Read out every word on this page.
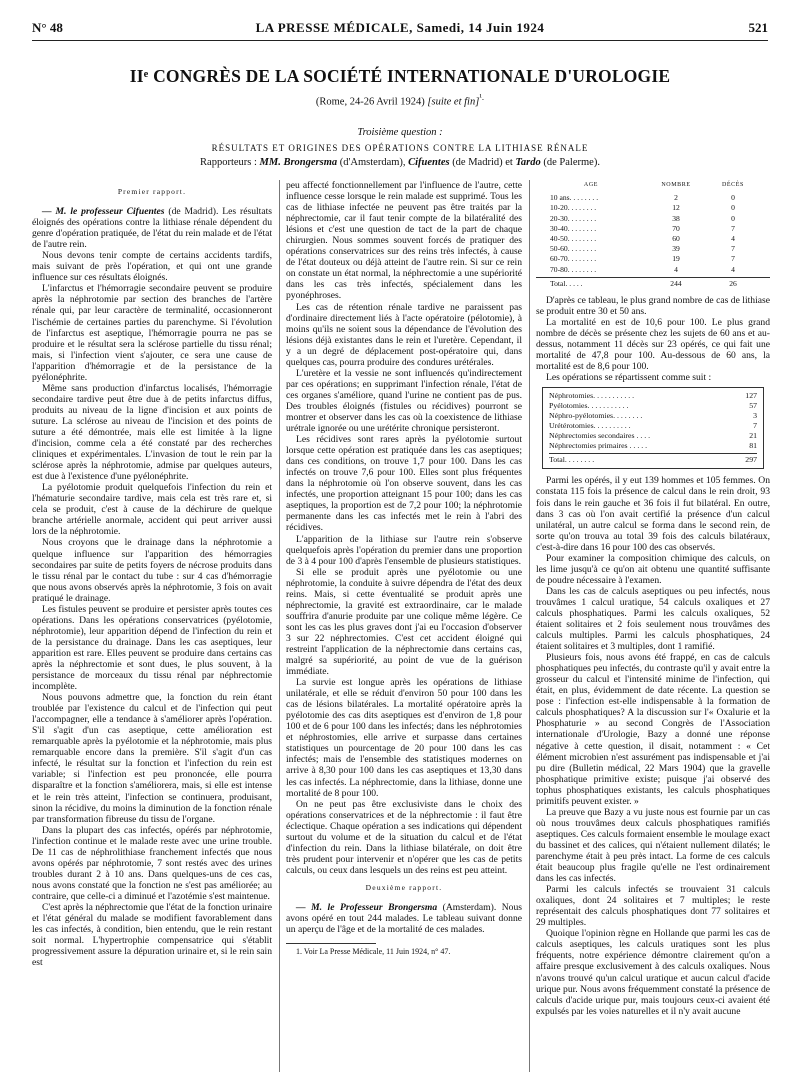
N° 48	LA PRESSE MÉDICALE, Samedi, 14 Juin 1924	521
IIᵉ CONGRÈS DE LA SOCIÉTÉ INTERNATIONALE D'UROLOGIE
(Rome, 24-26 Avril 1924) [suite et fin]$^{^1.}$
Troisième question :
RÉSULTATS ET ORIGINES DES OPÉRATIONS CONTRE LA LITHIASE RÉNALE
Rapporteurs : MM. Brongersma (d'Amsterdam), Cifuentes (de Madrid) et Tardo (de Palerme).
Premier rapport.

— M. le professeur Cifuentes (de Madrid). Les résultats éloignés des opérations contre la lithiase rénale dépendent du genre d'opération pratiquée, de l'état du rein malade et de l'état de l'autre rein.

Nous devons tenir compte de certains accidents tardifs, mais suivant de près l'opération, et qui ont une grande influence sur ces résultats éloignés.

L'infarctus et l'hémorragie secondaire peuvent se produire après la néphrotomie par section des branches de l'artère rénale qui, par leur caractère de terminalité, occasionneront l'ischémie de certaines parties du parenchyme. Si l'évolution de l'infarctus est aseptique, l'hémorragie pourra ne pas se produire et le résultat sera la sclérose partielle du tissu rénal; mais, si l'infection vient s'ajouter, ce sera une cause de l'apparition d'hémorragie et de la persistance de la pyélonéphrite.

Même sans production d'infarctus localisés, l'hémorragie secondaire tardive peut être due à de petits infarctus diffus, produits au niveau de la ligne d'incision et aux points de suture. La sclérose au niveau de l'incision et des points de suture a été démontrée, mais elle est limitée à la ligne d'incision, comme cela a été constaté par des recherches cliniques et expérimentales. L'invasion de tout le rein par la sclérose après la néphrotomie, admise par quelques auteurs, est due à l'existence d'une pyélonéphrite.

La pyélotomie produit quelquefois l'infection du rein et l'hématurie secondaire tardive, mais cela est très rare et, si cela se produit, c'est à cause de la déchirure de quelque branche artérielle anormale, accident qui peut arriver aussi lors de la néphrotomie.

Nous croyons que le drainage dans la néphrotomie a quelque influence sur l'apparition des hémorragies secondaires par suite de petits foyers de nécrose produits dans le tissu rénal par le contact du tube : sur 4 cas d'hémorragie que nous avons observés après la néphrotomie, 3 fois on avait pratiqué le drainage.

Les fistules peuvent se produire et persister après toutes ces opérations. Dans les opérations conservatrices (pyélotomie, néphrotomie), leur apparition dépend de l'infection du rein et de la persistance du drainage. Dans les cas aseptiques, leur apparition est rare. Elles peuvent se produire dans certains cas après la néphrectomie et sont dues, le plus souvent, à la persistance de morceaux du tissu rénal par néphrectomie incomplète.

Nous pouvons admettre que, la fonction du rein étant troublée par l'existence du calcul et de l'infection qui peut l'accompagner, elle a tendance à s'améliorer après l'opération. S'il s'agit d'un cas aseptique, cette amélioration est remarquable après la pyélotomie et la néphrotomie, mais plus remarquable encore dans la première. S'il s'agit d'un cas infecté, le résultat sur la fonction et l'infection du rein est variable; si l'infection est peu prononcée, elle pourra disparaître et la fonction s'améliorera, mais, si elle est intense et le rein très atteint, l'infection se continuera, produisant, sinon la récidive, du moins la diminution de la fonction rénale par transformation fibreuse du tissu de l'organe.

Dans la plupart des cas infectés, opérés par néphrotomie, l'infection continue et le malade reste avec une urine trouble. De 11 cas de néphrolithiase franchement infectés que nous avons opérés par néphrotomie, 7 sont restés avec des urines troubles durant 2 à 10 ans. Dans quelques-uns de ces cas, nous avons constaté que la fonction ne s'est pas améliorée; au contraire, que celle-ci a diminué et l'azotémie s'est maintenue.

C'est après la néphrectomie que l'état de la fonction urinaire et l'état général du malade se modifient favorablement dans les cas infectés, à condition, bien entendu, que le rein restant soit normal. L'hypertrophie compensatrice qui s'établit progressivement assure la dépuration urinaire et, si le rein sain est

peu affecté fonctionnellement par l'influence de l'autre, cette influence cesse lorsque le rein malade est supprimé. Tous les cas de lithiase infectée ne peuvent pas être traités par la néphrectomie, car il faut tenir compte de la bilatéralité des lésions et c'est une question de tact de la part de chaque chirurgien. Nous sommes souvent forcés de pratiquer des opérations conservatrices sur des reins très infectés, à cause de l'état douteux ou déjà atteint de l'autre rein. Si sur ce rein on constate un état normal, la néphrectomie a une supériorité dans les cas très infectés, spécialement dans les pyonéphroses.

Les cas de rétention rénale tardive ne paraissent pas d'ordinaire directement liés à l'acte opératoire (pélotomie), à moins qu'ils ne soient sous la dépendance de l'évolution des lésions déjà existantes dans le rein et l'uretère. Cependant, il y a un degré de déplacement post-opératoire qui, dans quelques cas, pourra produire des condures urétérales.

L'uretère et la vessie ne sont influencés qu'indirectement par ces opérations; en supprimant l'infection rénale, l'état de ces organes s'améliore, quand l'urine ne contient pas de pus. Des troubles éloignés (fistules ou récidives) pourront se montrer et observer dans les cas où la coexistence de lithiase urétrale ignorée ou une urétérite chronique persisteront.

Les récidives sont rares après la pyélotomie surtout lorsque cette opération est pratiquée dans les cas aseptiques; dans ces conditions, on trouve 1,7 pour 100. Dans les cas infectés on trouve 7,6 pour 100. Elles sont plus fréquentes dans la néphrotomie où l'on observe souvent, dans les cas infectés, une proportion atteignant 15 pour 100; dans les cas aseptiques, la proportion est de 7,2 pour 100; la néphrotomie permanente dans les cas infectés met le rein à l'abri des récidives.

L'apparition de la lithiase sur l'autre rein s'observe quelquefois après l'opération du premier dans une proportion de 3 à 4 pour 100 d'après l'ensemble de plusieurs statistiques.

Si elle se produit après une pyélotomie ou une néphrotomie, la conduite à suivre dépendra de l'état des deux reins. Mais, si cette éventualité se produit après une néphrectomie, la gravité est extraordinaire, car le malade souffrira d'anurie produite par une colique même légère. Ce sont les cas les plus graves dont j'ai eu l'occasion d'observer 3 sur 22 néphrectomies. C'est cet accident éloigné qui restreint l'application de la néphrectomie dans certains cas, malgré sa supériorité, au point de vue de la guérison immédiate.

La survie est longue après les opérations de lithiase unilatérale, et elle se réduit d'environ 50 pour 100 dans les cas de lésions bilatérales. La mortalité opératoire après la pyélotomie des cas dits aseptiques est d'environ de 1,8 pour 100 et de 6 pour 100 dans les infectés; dans les néphrotomies et néphrostomies, elle arrive et surpasse dans certaines statistiques un pourcentage de 20 pour 100 dans les cas infectés; mais de l'ensemble des statistiques modernes on arrive à 8,30 pour 100 dans les cas aseptiques et 13,30 dans les cas infectés. La néphrectomie, dans la lithiase, donne une mortalité de 8 pour 100.

On ne peut pas être exclusiviste dans le choix des opérations conservatrices et de la néphrectomie : il faut être éclectique. Chaque opération a ses indications qui dépendent surtout du volume et de la situation du calcul et de l'état d'infection du rein. Dans la lithiase bilatérale, on doit être très prudent pour intervenir et n'opérer que les cas de petits calculs, ou ceux dans lesquels un des reins est peu atteint.

Deuxième rapport.

— M. le Professeur Brongersma (Amsterdam). Nous avons opéré en tout 244 malades. Le tableau suivant donne un aperçu de l'âge et de la mortalité de ces malades.

1. Voir La Presse Médicale, 11 Juin 1924, n° 47.
AGE	NOMBRE	DÉCÈS
10 ans. . . . . . . .	2	0
10-20. . . . . . . .	12	0
20-30. . . . . . . .	38	0
30-40. . . . . . . .	70	7
40-50. . . . . . . .	60	4
50-60. . . . . . . .	39	7
60-70. . . . . . . .	19	7
70-80. . . . . . . .	4	4
Total. . . . .	244	26

D'après ce tableau, le plus grand nombre de cas de lithiase se produit entre 30 et 50 ans.

La mortalité en est de 10,6 pour 100. Le plus grand nombre de décès se présente chez les sujets de 60 ans et au-dessus, notamment 11 décès sur 23 opérés, ce qui fait une mortalité de 47,8 pour 100. Au-dessous de 60 ans, la mortalité est de 8,6 pour 100.

Les opérations se répartissent comme suit :

Néphrotomies. . . . . . . . . . .	127
Pyélotomies. . . . . . . . . . .	57
Néphro-pyélotomies. . . . . . . .	3
Urétérotomies. . . . . . . . . .	7
Néphrectomies secondaires . . . .	21
Néphrectomies primaires . . . . .	81
Total. . . . . . . .	297

Parmi les opérés, il y eut 139 hommes et 105 femmes. On constata 115 fois la présence de calcul dans le rein droit, 93 fois dans le rein gauche et 36 fois il fut bilatéral. En outre, dans 3 cas où l'on avait certifié la présence d'un calcul unilatéral, un autre calcul se forma dans le second rein, de sorte qu'on trouva au total 39 fois des calculs bilatéraux, c'est-à-dire dans 16 pour 100 des cas observés.

Pour examiner la composition chimique des calculs, on les lime jusqu'à ce qu'on ait obtenu une quantité suffisante de poudre nécessaire à l'examen.

Dans les cas de calculs aseptiques ou peu infectés, nous trouvâmes 1 calcul uratique, 54 calculs oxaliques et 27 calculs phosphatiques. Parmi les calculs oxaliques, 52 étaient solitaires et 2 fois seulement nous trouvâmes des calculs multiples. Parmi les calculs phosphatiques, 24 étaient solitaires et 3 multiples, dont 1 ramifié.

Plusieurs fois, nous avons été frappé, en cas de calculs phosphatiques peu infectés, du contraste qu'il y avait entre la grosseur du calcul et l'intensité minime de l'infection, qui était, en plus, évidemment de date récente. La question se pose : l'infection est-elle indispensable à la formation de calculs phosphatiques? A la discussion sur l'« Oxalurie et la Phosphaturie » au second Congrès de l'Association internationale d'Urologie, Bazy a donné une réponse négative à cette question, il disait, notamment : « Cet élément microbien n'est assurément pas indispensable et j'ai pu dire (Bulletin médical, 22 Mars 1904) que la gravelle phosphatique primitive existe; puisque j'ai observé des tophus phosphatiques existants, les calculs phosphatiques primitifs peuvent exister. »

La preuve que Bazy a vu juste nous est fournie par un cas où nous trouvâmes deux calculs phosphatiques ramifiés aseptiques. Ces calculs formaient ensemble le moulage exact du bassinet et des calices, qui n'étaient nullement dilatés; le parenchyme était à peu près intact. La forme de ces calculs était beaucoup plus fragile qu'elle ne l'est ordinairement dans les cas infectés.

Parmi les calculs infectés se trouvaient 31 calculs oxaliques, dont 24 solitaires et 7 multiples; le reste représentait des calculs phosphatiques dont 77 solitaires et 29 multiples.

Quoique l'opinion règne en Hollande que parmi les cas de calculs aseptiques, les calculs uratiques sont les plus fréquents, notre expérience démontre clairement qu'on a affaire presque exclusivement à des calculs oxaliques. Nous n'avons trouvé qu'un calcul uratique et aucun calcul d'acide urique pur. Nous avons fréquemment constaté la présence de calculs d'acide urique pur, mais toujours ceux-ci avaient été expulsés par les voies naturelles et il n'y avait aucune
